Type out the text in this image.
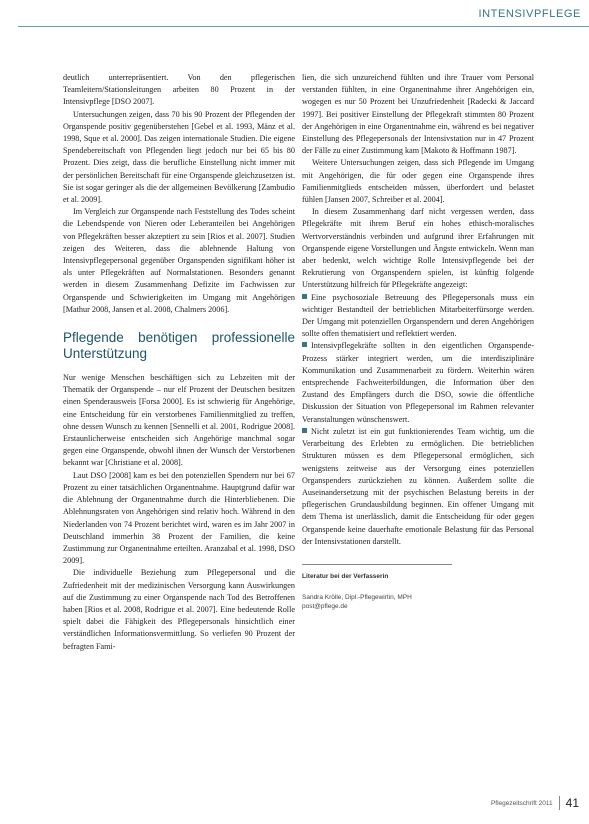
INTENSIVPFLEGE

deutlich unterrepräsentiert. Von den pflegerischen Teamleitern/Stationsleitungen arbeiten 80 Prozent in der Intensivpflege [DSO 2007].

Untersuchungen zeigen, dass 70 bis 90 Prozent der Pflegenden der Organspende positiv gegenüberstehen [Gebel et al. 1993, Mänz et al. 1998, Sque et al. 2000]. Das zeigen internationale Studien. Die eigene Spendebereitschaft von Pflegenden liegt jedoch nur bei 65 bis 80 Prozent. Dies zeigt, dass die berufliche Einstellung nicht immer mit der persönlichen Bereitschaft für eine Organspende gleichzusetzen ist. Sie ist sogar geringer als die der allgemeinen Bevölkerung [Zambudio et al. 2009].

Im Vergleich zur Organspende nach Feststellung des Todes scheint die Lebendspende von Nieren oder Leberanteilen bei Angehörigen von Pflegekräften besser akzeptiert zu sein [Rios et al. 2007]. Studien zeigen des Weiteren, dass die ablehnende Haltung von Intensivpflegepersonal gegenüber Organspenden signifikant höher ist als unter Pflegekräften auf Normalstationen. Besonders genannt werden in diesem Zusammenhang Defizite im Fachwissen zur Organspende und Schwierigkeiten im Umgang mit Angehörigen [Mathur 2008, Jansen et al. 2008, Chalmers 2006].

Pflegende benötigen professionelle Unterstützung

Nur wenige Menschen beschäftigen sich zu Lebzeiten mit der Thematik der Organspende – nur elf Prozent der Deutschen besitzen einen Spenderausweis [Forsa 2000]. Es ist schwierig für Angehörige, eine Entscheidung für ein verstorbenes Familienmitglied zu treffen, ohne dessen Wunsch zu kennen [Sennelli et al. 2001, Rodrigue 2008]. Erstaunlicherweise entscheiden sich Angehörige manchmal sogar gegen eine Organspende, obwohl ihnen der Wunsch der Verstorbenen bekannt war [Christiane et al. 2008].

Laut DSO [2008] kam es bei den potenziellen Spendern nur bei 67 Prozent zu einer tatsächlichen Organentnahme. Hauptgrund dafür war die Ablehnung der Organentnahme durch die Hinterbliebenen. Die Ablehnungsraten von Angehörigen sind relativ hoch. Während in den Niederlanden von 74 Prozent berichtet wird, waren es im Jahr 2007 in Deutschland immerhin 38 Prozent der Familien, die keine Zustimmung zur Organentnahme erteilten. Aranzabal et al. 1998, DSO 2009].

Die individuelle Beziehung zum Pflegepersonal und die Zufriedenheit mit der medizinischen Versorgung kann Auswirkungen auf die Zustimmung zu einer Organspende nach Tod des Betroffenen haben [Rios et al. 2008, Rodrigue et al. 2007]. Eine bedeutende Rolle spielt dabei die Fähigkeit des Pflegepersonals hinsichtlich einer verständlichen Informationsvermittlung. So verliefen 90 Prozent der befragten Fami-

lien, die sich unzureichend fühlten und ihre Trauer vom Personal verstanden fühlten, in eine Organentnahme ihrer Angehörigen ein, wogegen es nur 50 Prozent bei Unzufriedenheit [Radecki & Jaccard 1997]. Bei positiver Einstellung der Pflegekraft stimmten 80 Prozent der Angehörigen in eine Organentnahme ein, während es bei negativer Einstellung des Pflegepersonals der Intensivstation nur in 47 Prozent der Fälle zu einer Zustimmung kam [Makoto & Hoffmann 1987].

Weitere Untersuchungen zeigen, dass sich Pflegende im Umgang mit Angehörigen, die für oder gegen eine Organspende ihres Familienmitglieds entscheiden müssen, überfordert und belastet fühlen [Jansen 2007, Schreiber et al. 2004].

In diesem Zusammenhang darf nicht vergessen werden, dass Pflegekräfte mit ihrem Beruf ein hohes ethisch-moralisches Wertvorverständnis verbinden und aufgrund ihrer Erfahrungen mit Organspende eigene Vorstellungen und Ängste entwickeln. Wenn man aber bedenkt, welch wichtige Rolle Intensivpflegende bei der Rekrutierung von Organspendern spielen, ist künftig folgende Unterstützung hilfreich für Pflegekräfte angezeigt:

Eine psychosoziale Betreuung des Pflegepersonals muss ein wichtiger Bestandteil der betrieblichen Mitarbeiterfürsorge werden. Der Umgang mit potenziellen Organspendern und deren Angehörigen sollte offen thematisiert und reflektiert werden.

Intensivpflegekräfte sollten in den eigentlichen Organspende-Prozess stärker integriert werden, um die interdisziplinäre Kommunikation und Zusammenarbeit zu fördern. Weiterhin wären entsprechende Fachweiterbildungen, die Information über den Zustand des Empfängers durch die DSO, sowie die öffentliche Diskussion der Situation von Pflegepersonal im Rahmen relevanter Veranstaltungen wünschenswert.

Nicht zuletzt ist ein gut funktionierendes Team wichtig, um die Verarbeitung des Erlebten zu ermöglichen. Die betrieblichen Strukturen müssen es dem Pflegepersonal ermöglichen, sich wenigstens zeitweise aus der Versorgung eines potenziellen Organspenders zurückziehen zu können. Außerdem sollte die Auseinandersetzung mit der psychischen Belastung bereits in der pflegerischen Grundausbildung beginnen. Ein offener Umgang mit dem Thema ist unerlässlich, damit die Entscheidung für oder gegen Organspende keine dauerhafte emotionale Belastung für das Personal der Intensivstationen darstellt.

Literatur bei der Verfasserin
Sandra Krölle, Dipl.-Pflegewirtin, MPH
post@pflege.de
Pflegezeitschrift 2011 41
